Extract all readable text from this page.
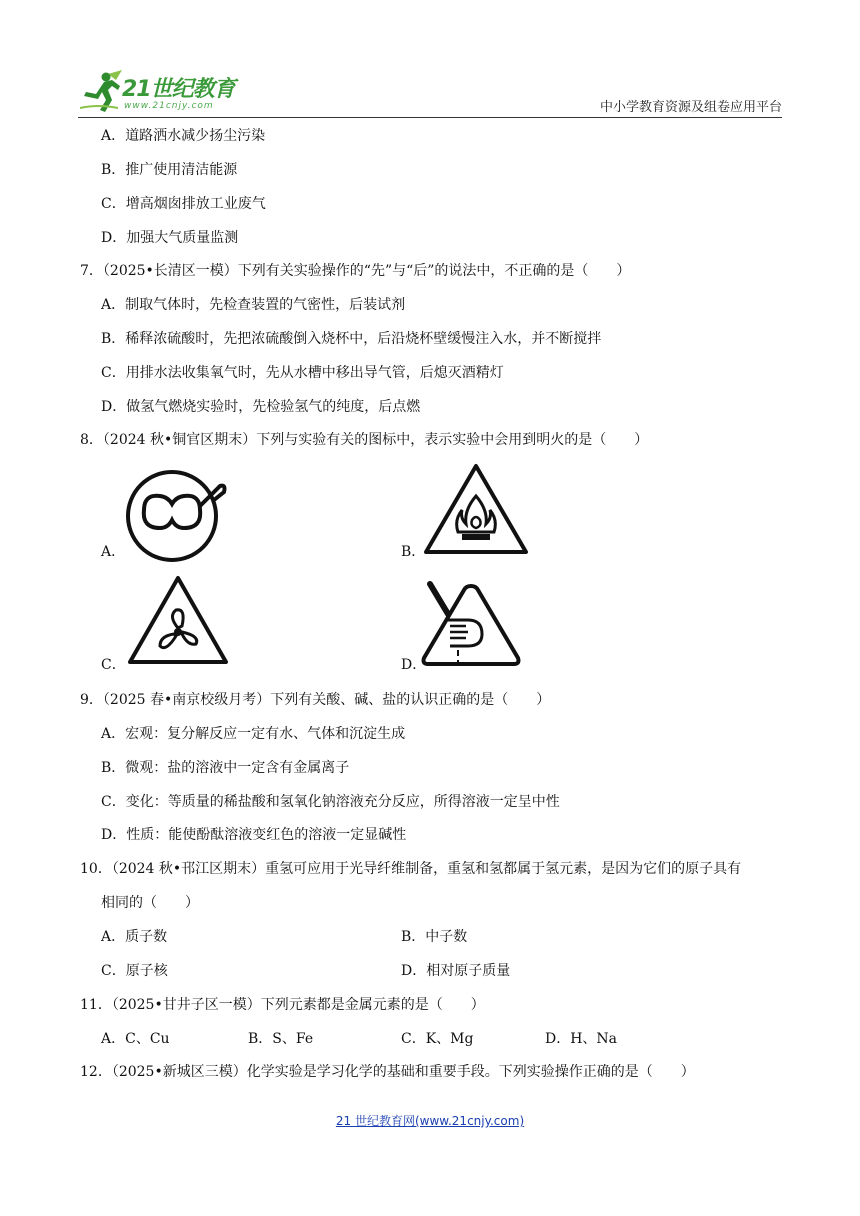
21世纪教育
www.21cnjy.com	中小学教育资源及组卷应用平台
A．道路洒水减少扬尘污染
B．推广使用清洁能源
C．增高烟囱排放工业废气
D．加强大气质量监测
7．（2025•长清区一模）下列有关实验操作的“先”与“后”的说法中，不正确的是（　　）
A．制取气体时，先检查装置的气密性，后装试剂
B．稀释浓硫酸时，先把浓硫酸倒入烧杯中，后沿烧杯壁缓慢注入水，并不断搅拌
C．用排水法收集氧气时，先从水槽中移出导气管，后熄灭酒精灯
D．做氢气燃烧实验时，先检验氢气的纯度，后点燃
8．（2024 秋•铜官区期末）下列与实验有关的图标中，表示实验中会用到明火的是（　　）
A．	B．
C．	D．
9．（2025 春•南京校级月考）下列有关酸、碱、盐的认识正确的是（　　）
A．宏观：复分解反应一定有水、气体和沉淀生成
B．微观：盐的溶液中一定含有金属离子
C．变化：等质量的稀盐酸和氢氧化钠溶液充分反应，所得溶液一定呈中性
D．性质：能使酚酞溶液变红色的溶液一定显碱性
10．（2024 秋•邗江区期末）重氢可应用于光导纤维制备，重氢和氢都属于氢元素，是因为它们的原子具有
相同的（　　）
A．质子数	B．中子数
C．原子核	D．相对原子质量
11．（2025•甘井子区一模）下列元素都是金属元素的是（　　）
A．C、Cu	B．S、Fe	C．K、Mg	D．H、Na
12．（2025•新城区三模）化学实验是学习化学的基础和重要手段。下列实验操作正确的是（　　）
21 世纪教育网(www.21cnjy.com)
